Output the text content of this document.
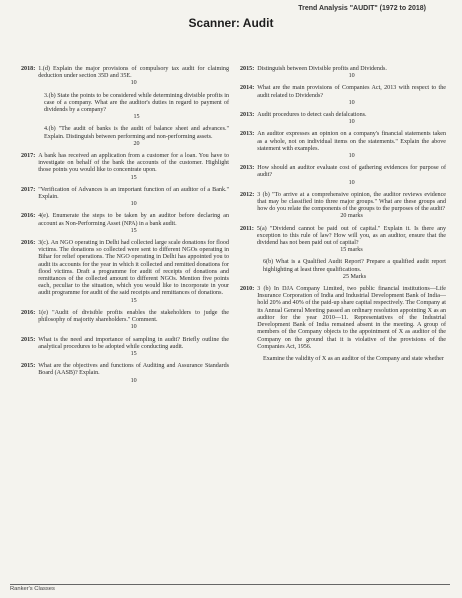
Trend Analysis "AUDIT" (1972 to 2018)
Scanner: Audit
2018: 1.(d) Explain the major provisions of compulsory tax audit for claiming deduction under section 35D and 35E.
10
3.(b) State the points to be considered while determining divisible profits in case of a company. What are the auditor's duties in regard to payment of dividends by a company?
15
4.(b) "The audit of banks is the audit of balance sheet and advances." Explain. Distinguish between performing and non-performing assets.
20
2017: A bank has received an application from a customer for a loan. You have to investigate on behalf of the bank the accounts of the customer. Highlight those points you would like to concentrate upon.
15
2017: "Verification of Advances is an important function of an auditor of a Bank." Explain.
10
2016: 4(e). Enumerate the steps to be taken by an auditor before declaring an account as Non-Performing Asset (NPA) in a bank audit.
15
2016: 3(c). An NGO operating in Delhi had collected large scale donations for flood victims. The donations so collected were sent to different NGOs operating in Bihar for relief operations. The NGO operating in Delhi has appointed you to audit its accounts for the year in which it collected and remitted donations for flood victims. Draft a programme for audit of receipts of donations and remittances of the collected amount to different NGOs. Mention five points each, peculiar to the situation, which you would like to incorporate in your audit programme for audit of the said receipts and remittances of donations.
15
2016: 1(e) "Audit of divisible profits enables the stakeholders to judge the philosophy of majority shareholders." Comment.
10
2015: What is the need and importance of sampling in audit? Briefly outline the analytical procedures to be adopted while conducting audit.
15
2015: What are the objectives and functions of Auditing and Assurance Standards Board (AASB)? Explain.
10
2015: Distinguish between Divisible profits and Dividends.
10
2014: What are the main provisions of Companies Act, 2013 with respect to the audit related to Dividends?
10
2013: Audit procedures to detect cash defalcations.
10
2013: An auditor expresses an opinion on a company's financial statements taken as a whole, not on individual items on the statements." Explain the above statement with examples.
10
2013: How should an auditor evaluate cost of gathering evidences for purpose of audit?
10
2012: 3 (b) "To arrive at a comprehensive opinion, the auditor reviews evidence that may be classified into three major groups." What are these groups and how do you relate the components of the groups to the purposes of the audit?
20 marks
2011: 5(a) "Dividend cannot be paid out of capital." Explain it. Is there any exception to this rule of law? How will you, as an auditor, ensure that the dividend has not been paid out of capital?
15 marks
6(b) What is a Qualified Audit Report? Prepare a qualified audit report highlighting at least three qualifications.
25 Marks
2010: 3 (b) In DJA Company Limited, two public financial institutions—Life Insurance Corporation of India and Industrial Development Bank of India—hold 20% and 40% of the paid-up share capital respectively. The Company at its Annual General Meeting passed an ordinary resolution appointing X as an auditor for the year 2010—11. Representatives of the Industrial Development Bank of India remained absent in the meeting. A group of members of the Company objects to the appointment of X as auditor of the Company on the ground that it is violative of the provisions of the Companies Act, 1956.
Examine the validity of X as an auditor of the Company and state whether
Ranker's Classes
